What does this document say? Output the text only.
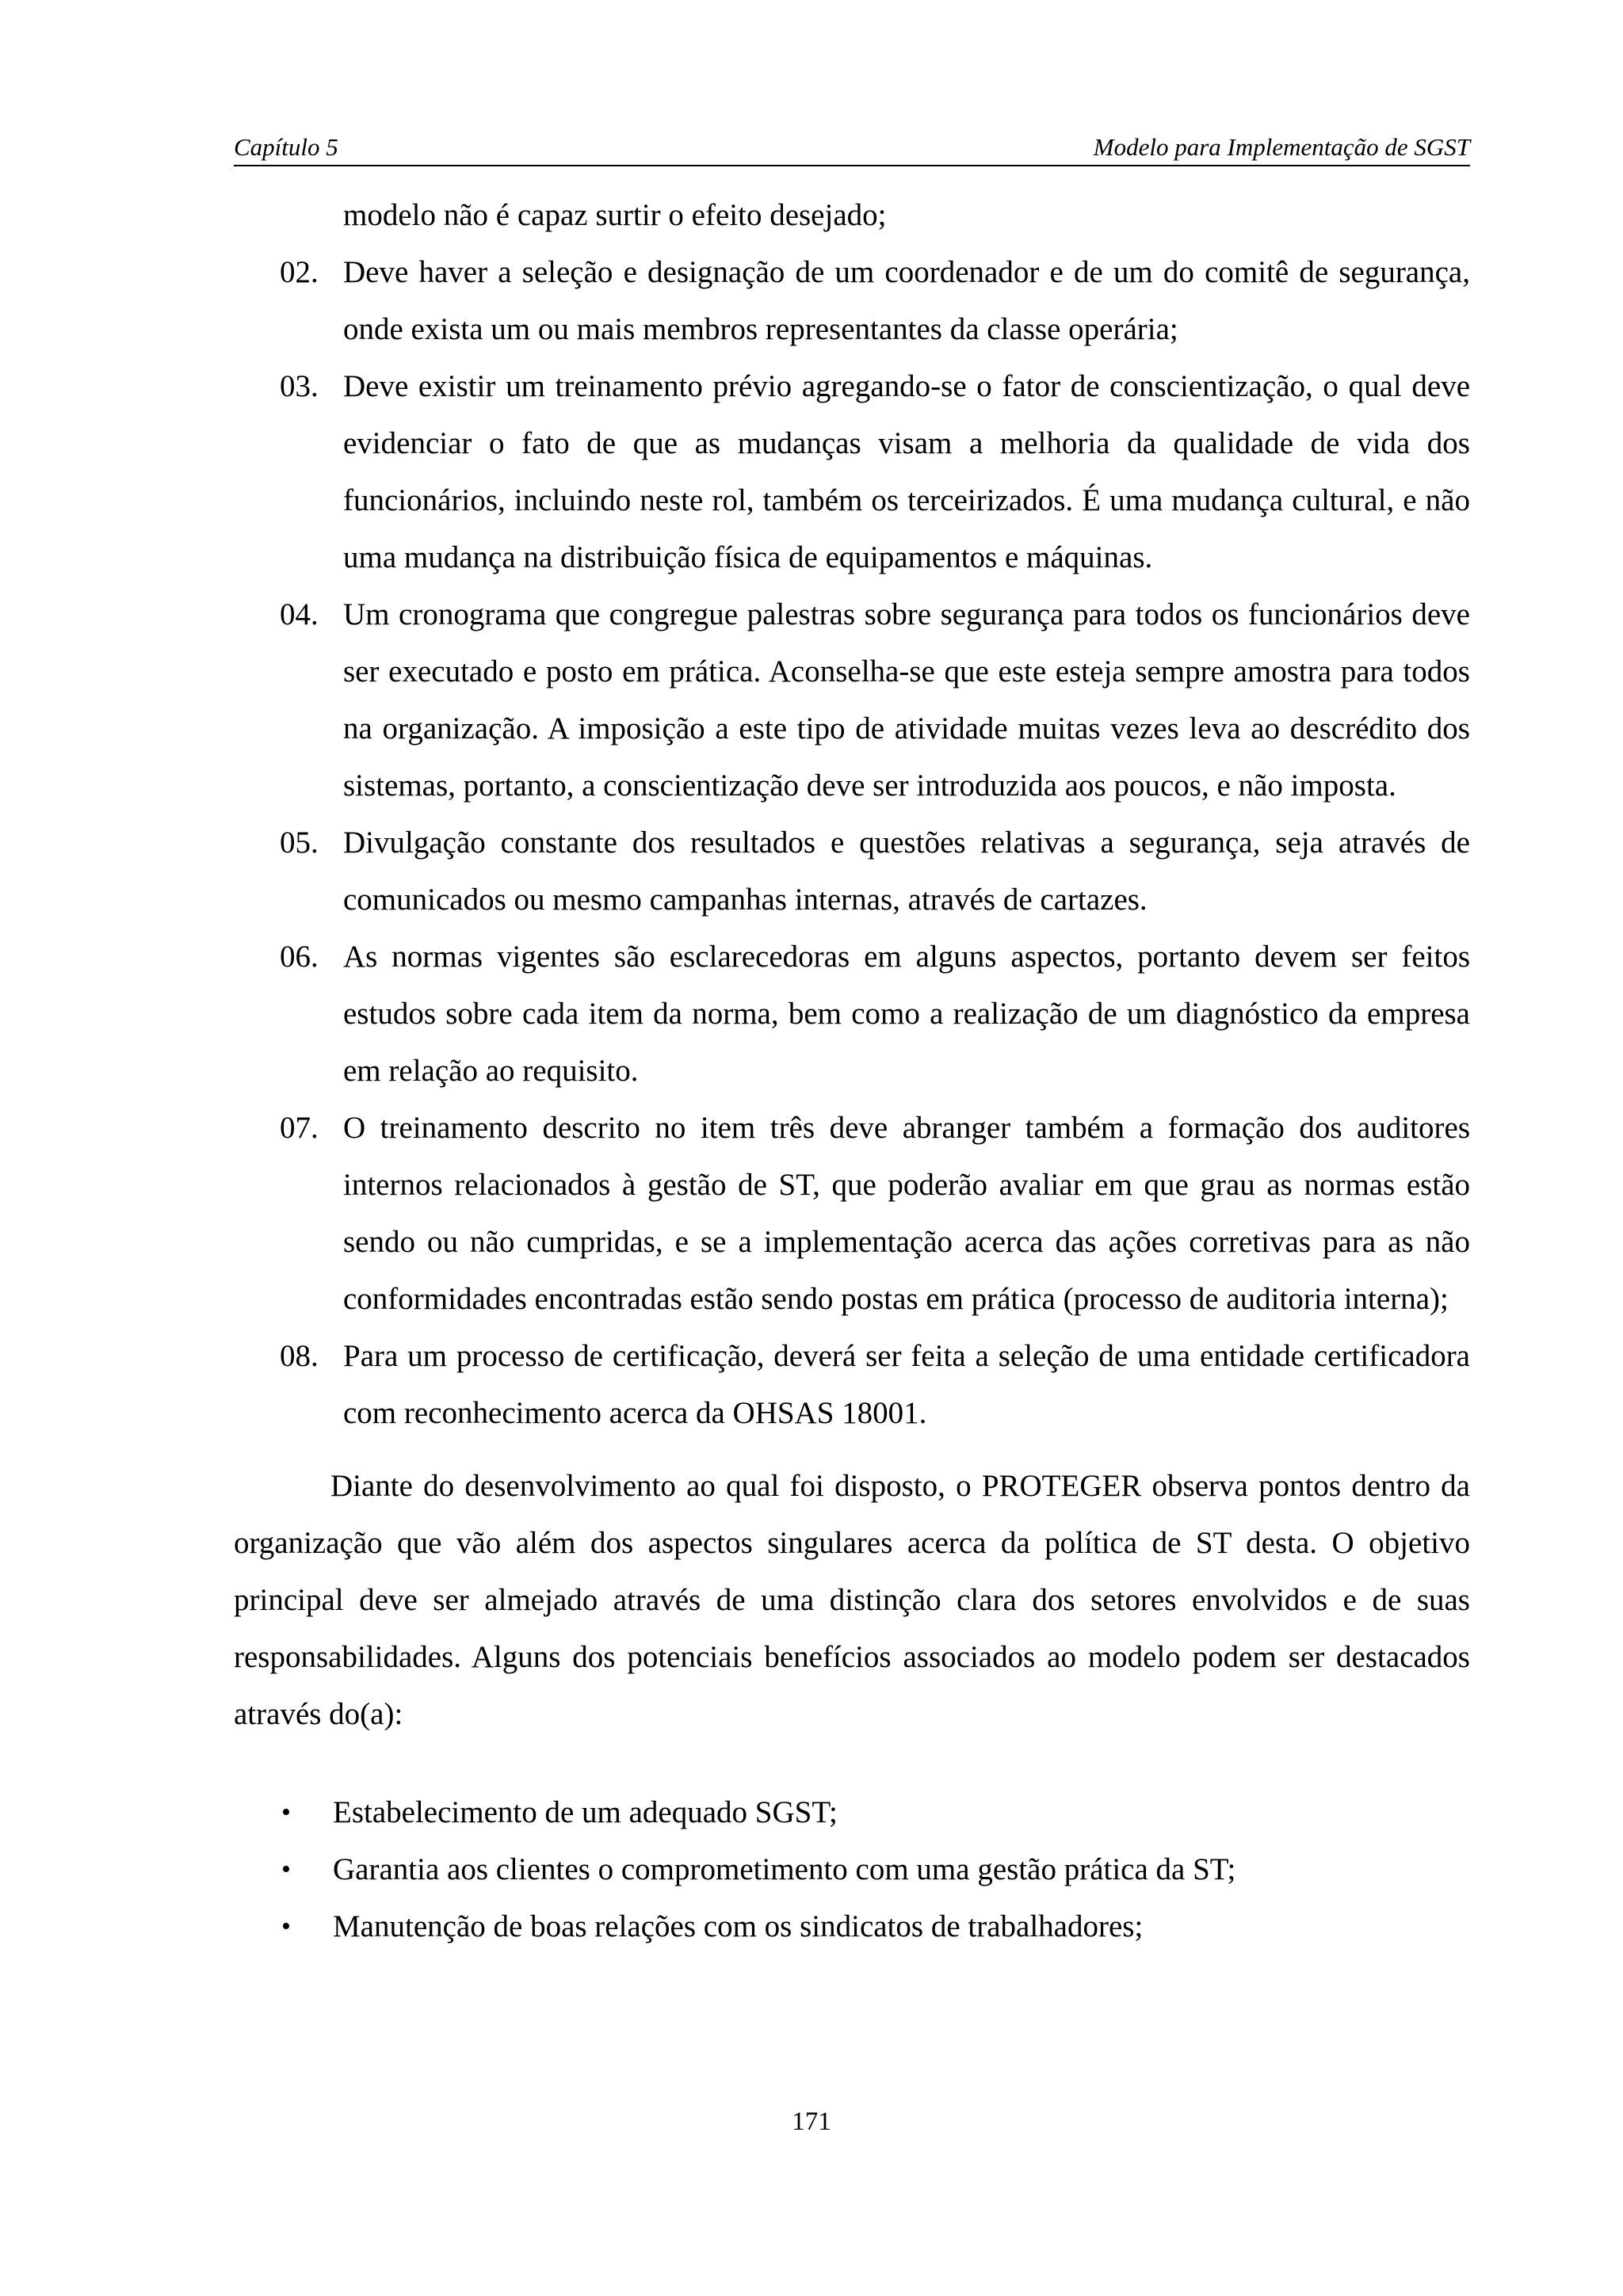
Capítulo 5	Modelo para Implementação de SGST
modelo não é capaz surtir o efeito desejado;
02. Deve haver a seleção e designação de um coordenador e de um do comitê de segurança, onde exista um ou mais membros representantes da classe operária;
03. Deve existir um treinamento prévio agregando-se o fator de conscientização, o qual deve evidenciar o fato de que as mudanças visam a melhoria da qualidade de vida dos funcionários, incluindo neste rol, também os terceirizados. É uma mudança cultural, e não uma mudança na distribuição física de equipamentos e máquinas.
04. Um cronograma que congregue palestras sobre segurança para todos os funcionários deve ser executado e posto em prática. Aconselha-se que este esteja sempre amostra para todos na organização. A imposição a este tipo de atividade muitas vezes leva ao descrédito dos sistemas, portanto, a conscientização deve ser introduzida aos poucos, e não imposta.
05. Divulgação constante dos resultados e questões relativas a segurança, seja através de comunicados ou mesmo campanhas internas, através de cartazes.
06. As normas vigentes são esclarecedoras em alguns aspectos, portanto devem ser feitos estudos sobre cada item da norma, bem como a realização de um diagnóstico da empresa em relação ao requisito.
07. O treinamento descrito no item três deve abranger também a formação dos auditores internos relacionados à gestão de ST, que poderão avaliar em que grau as normas estão sendo ou não cumpridas, e se a implementação acerca das ações corretivas para as não conformidades encontradas estão sendo postas em prática (processo de auditoria interna);
08. Para um processo de certificação, deverá ser feita a seleção de uma entidade certificadora com reconhecimento acerca da OHSAS 18001.

Diante do desenvolvimento ao qual foi disposto, o PROTEGER observa pontos dentro da organização que vão além dos aspectos singulares acerca da política de ST desta. O objetivo principal deve ser almejado através de uma distinção clara dos setores envolvidos e de suas responsabilidades. Alguns dos potenciais benefícios associados ao modelo podem ser destacados através do(a):

•	Estabelecimento de um adequado SGST;
•	Garantia aos clientes o comprometimento com uma gestão prática da ST;
•	Manutenção de boas relações com os sindicatos de trabalhadores;
171
